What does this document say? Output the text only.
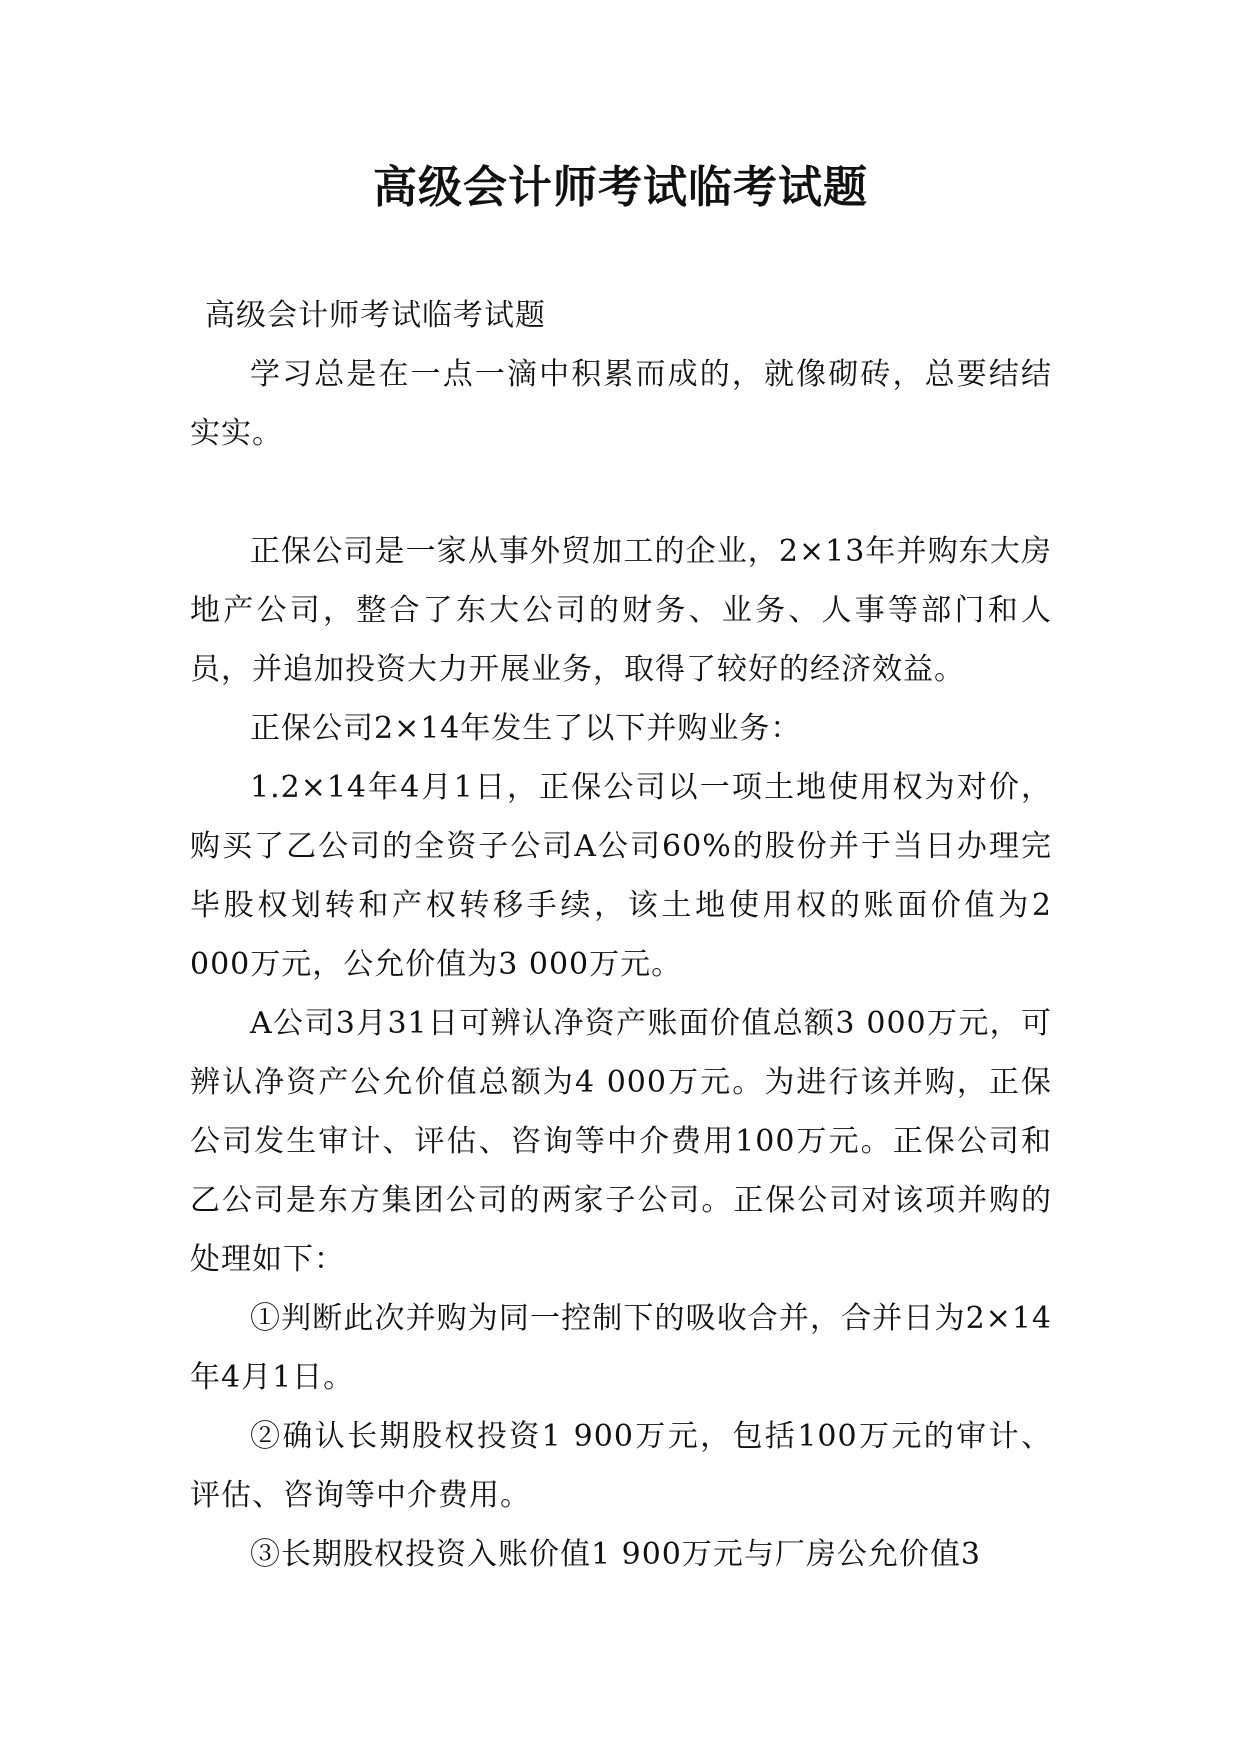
高级会计师考试临考试题

高级会计师考试临考试题

学习总是在一点一滴中积累而成的，就像砌砖，总要结结实实。

正保公司是一家从事外贸加工的企业，2×13年并购东大房地产公司，整合了东大公司的财务、业务、人事等部门和人员，并追加投资大力开展业务，取得了较好的经济效益。

正保公司2×14年发生了以下并购业务：

1.2×14年4月1日，正保公司以一项土地使用权为对价，购买了乙公司的全资子公司A公司60%的股份并于当日办理完毕股权划转和产权转移手续，该土地使用权的账面价值为2 000万元，公允价值为3 000万元。

A公司3月31日可辨认净资产账面价值总额3 000万元，可辨认净资产公允价值总额为4 000万元。为进行该并购，正保公司发生审计、评估、咨询等中介费用100万元。正保公司和乙公司是东方集团公司的两家子公司。正保公司对该项并购的处理如下：

①判断此次并购为同一控制下的吸收合并，合并日为2×14年4月1日。

②确认长期股权投资1 900万元，包括100万元的审计、评估、咨询等中介费用。

③长期股权投资入账价值1 900万元与厂房公允价值3
